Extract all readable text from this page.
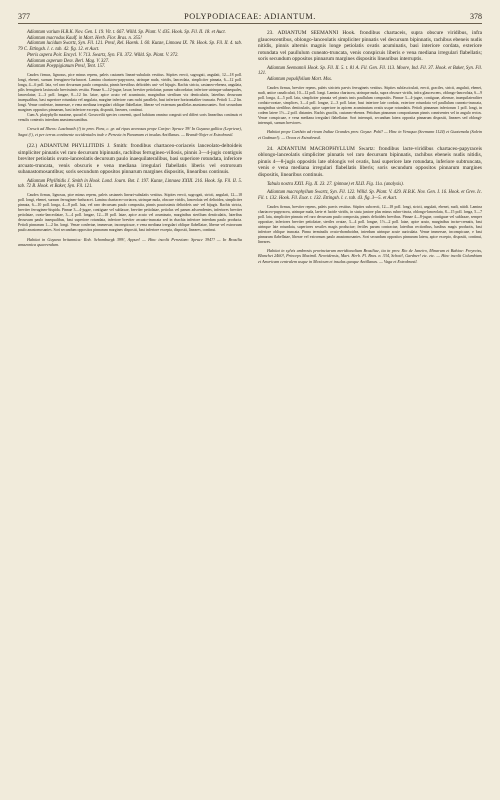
377	POLYPODIACEAE: ADIANTUM.	378

Adiantum varium H.B.K. Nov. Gen. I. 19. Vit. t. 667. Willd. Sp. Plant. V. 435. Hook. Sp. Fil. II. 18. et Auct.

Adiantum macrodus Kaulf. in Mart. Herb. Flor. Bras. n. 355!

Adiantum lucidum Swartz, Syn. Fil. 121. Presl, Rel. Haenk. I. 60. Kunze, Linnaea IX. 78. Hook. Sp. Fil. II. 4. tab. 79 C. Ettingsh. l. c. tab. 42. fig. 12. et Auct.

Pteris aspera Poir. Encycl. V. 713. Swartz, Syn. Fil. 372. Willd. Sp. Plant. V. 372.

Adiantum asperum Desv. Berl. Mag. V. 327.

Adiantum Poeppigianum Presl, Tent. 157.

Caudex firmus, lignosus, pice minus repens, paleis castaneis lineari-subulatis vestitus. Stipites erecti, sugrogati, angulati, 12—18 poll. longi, ebenei, sursum ferrugineo-furfuracei. Lamina chartaceo-papyracea, utrinque nuda, viridis, lanceolata, simpliciter pinnata, 6—12 poll. longa, 4—6 poll. lata, vel raro decursum paulo composita, pinnis breviibus deltoideis uni- vel bijugis. Rachis stricta, castaneo-ebenea, angulata, pilis ferrugineis laxiusculo brevissimis vestita. Pinnae 6—12-jugae, laxae, breviter petiolatae, parum subcordatae, inferiore utrinque subaequales, lanceolatae, 2—3 poll. longae, 8—12 lin. latae, apice acuto vel acuminato, marginibus sterilium vix denticulatis, lateribus decursum inaequalibus, basi superiore rotundata vel angulata, margine inferiore cum rachi parallelo, basi inferiore horizontaliter truncata. Petioli 1—2 lin. longi. Venae confertae, immersae, e vena mediana irregulari oblique flabellatae, liberae vel externum parallelas anastomosantes. Sori secundum margines oppositos pinnarum, basi inferiore excepta, dispositi, lineares, continui.

Cum A. platyphyllo maxime, quoad el. Gossweilii species convenit, quod habitum omnino congruit sed differt soris linearibus continuis et venulis contextis interdum anastomosantibus.

Crescit ad Ilheos: Luschnath (!) in prov. Para, c. gr. ad ripas arenosas prope Caripe: Spruce 39! In Guyana gallica (Leprieur), Sagot (!), et per terras continente occidentales inde e Peruvia in Panamam et insulas Antillanas. — Brandt-Najer et Estrabrasil.

(22.) ADIANTUM PHYLLITIDIS J. Smith: frondibus chartaceo-coriaceis lanceolato-deltoideis simpliciter pinnatis vel raro decursum bipinnatis, rachibus ferrugineo-villosis, pinnis 3—4-jugis contiguis breviter petiolatis ovato-lanceolatis decursum paulo inaequilateralibus, basi superiore rotundata, inferiore arcuato-truncata, venis obscuris e vena mediana irregulari flabellatis liberis vel extrorsum subanastomosantibus; soris secundum oppositos pinnarum margines dispositis, linearibus continuis.

Adiantum Phyllitidis J. Smith in Hook. Lond. Journ. Bot. I. 197. Kunze, Linnaea XXIII. 216. Hook. Sp. Fil. II. 5. tab. 72 B. Hook. et Baker, Syn. Fil. 121.

Caudex firmus, lignosus, pice minus repens, paleis castaneis lineari-subulatis vestitus. Stipites erecti, sugrogati, stricti, angulati, 12—18 poll. longi, ebenei, sursum ferrugineo-furfuracei. Lamina chartaceo-coriacea, utrinque nuda, obscure viridis, lanceolata vel deltoidea, simpliciter pinnata, 6—10 poll. longa, 4—8 poll. lata, vel raro decursum paulo composita, pinnis paucissimis deltoideis uni- vel bijugis. Rachis stricta, breviter ferrugineo-hispida. Pinnae 3—4-jugae, contiguae vel sublaxae, breviter petiolatae, petiolus vel parum adscendentes, inferiores breviter petiolatae, ovato-lanceolatae, 3—4 poll. longae, 12—18 poll. latae, apice acuto vel acuminato, marginibus sterilium denticulatis, lateribus decursum paulo inaequalibus, basi superiore rotundata, inferiore breviter arcuato-truncata sed in rhachia inferiore interdum paulo producta. Petioli pinnarum 1—2 lin. longi. Venae confertae, immersae, inconspicuae, e vena mediana irregulari oblique flabellatae, liberae vel extrorsum paulo anastomosantes. Sori secundum oppositos pinnarum margines dispositi, basi inferiore excepta, dispositi, lineares, continui.

Habitat in Guyana britannica: Rob. Schomburgk 399!, Appun! — Hinc incolit Peruviam: Spruce 3947! — In Brasilia amazonica quaerendum.

23. ADIANTUM SEEMANNI Hook. frondibus chartaceis, supra obscure viridibus, infra glaucescentibus, oblongo-lanceolatis simpliciter pinnatis vel decursum bipinnatis, rachibus ebeneis nudis nitidis, pinnis alternis magnis longe petiolatis ovatis acuminatis, basi interiore cordata, exteriore rotundata vel paullulum cuneato-truncata, venis conspicuis liberis e vena mediana irregulari flabellatis; soris secundum oppositos pinnarum margines dispositis linearibus interruptis.

Adiantum Seemannii Hook. Sp. Fil. II. 5. t. 81 A. Fil. Gen. Fil. 113. Moore, Ind. Fil. 37. Hook. et Baker, Syn. Fil. 121.

Adiantum populifolium Mart. Mss.

Caudex firmus, breviter repens, paleis stricteis parvis ferrugineis vestitus. Stipites subfasciculati, erecti, graciles, stricti, angulati, ebenei, nudi, antice canaliculati, 10—12 poll. longi. Lamina chartacea, utrinque nuda, supra obscure viridis, infra glaucescens, oblongo-lanceolata, 6—9 poll. longa, 4—5 poll. lata, simpliciter pinnata vel pinnis imis paullulum compositis. Pinnae 3—4-jugae, contiguae, alternae, inaequilateraliter cordato-ovatae, simplices, 3—4 poll. longae, 2—3 poll. latae, basi interiore late cordata, exteriore rotundata vel paullulum cuneato-truncata, marginibus sterilibus denticulatis, apice superiore in apicem acuminatum ovatis usque rotundatis. Petioli pinnarum inferiorum 1 poll. longi, in codem latere 1½—2 poll. distantes. Rachis gracilis, castaneo-ebenea. Petiolum pinnarum compositarum pinnis conniventes vel in angulo rectos. Venae conspicuae, e vena mediana irregulari flabellatae. Sori interrupti, secundum latera opposita pinnarum dispositi, lineares sed oblongi-interrupti, sursum breviores.

Habitat prope Cartháo ad rivum Indiae Grandes prov. Goyaz: Pohl! — Hinc in Veraqua (Seemann 1124) et Guatemala (Salvin et Godman!). — Oreas et Estrabrasil.

24. ADIANTUM MACROPHYLLUM Swartz: frondibus lacte-viridibus chartaceo-papyraceis oblongo-lanceolatis simpliciter pinnatis vel raro decursum bipinnatis, rachibus ebeneis nudis nitidis, pinnis 4—8-jugis oppositis late oblongis vel ovatis, basi superiore late rotundata, inferiore subtruncata, venis e vena mediana irregulari flabellatis liberis; soris secundum oppositos pinnarum margines dispositis, linearibus continuis.

Tabula nostra XXII. Fig. II. 23. 27. (pinnae) et XLII. Fig. 11a. (analysis).

Adiantum macrophyllum Swartz, Syn. Fil. 122. Willd. Sp. Plant. V. 429. H.B.K. Nov. Gen. I. 16. Hook. et Grev. Ic. Fil. t. 132. Hook. Fil. Exot. t. 132. Ettingsh. l. c. tab. 43. fig. 3—5. et Auct.

Caudex firmus, breviter repens, paleis parvis vestitus. Stipites subcrecti, 12—18 poll. longi, stricti, angulati, ebenei, nudi, nitidi. Lamina chartaceo-papyracea, utrinque nuda, laete et lucide viridis, in statu juniore plus minus rubro-tincta, oblongo-lanceolata, 8—15 poll. longa, 5—7 poll. lata, simpliciter pinnata vel raro decursum paulo composita, pinnis deltoideis brevibus. Pinnae 4—8-jugae, contiguae vel sublaxae, semper oppositae, inferiores breviter petiolatae, steriles ovatae, 3—4 poll. longae, 1½—2 poll. latae, apice acuto, marginibus incise-crenatis, basi utrinque late rotundata, superiores sessiles magis productae; fertiles parum contractae, lateribus rectioribus, basibus magis productis, basi inferiore oblique truncata. Pinna terminalis ovato-rhomboidea, interdum utrinque acute auriculata. Venae immersae, inconspicuae, e basi pinnarum flabellatae, liberae vel extrorsum paulo anastomosantes. Sori secundum oppositos pinnarum latera, apice excepto, dispositi, continui, lineares.

Habitat in sylvis umbrosis provinciarum meridionalium Brasiliae, ita in prov. Rio de Janeiro, Minarum et Bahiae: Freyreiss, Blanchet 2460!, Princeps Maximil. Neovidensis, Mart. Herb. Fl. Bras. n. 334, Schott!, Gardner! etc. etc. — Hinc incolit Columbiam et Americam centralem usque in Mexicum et insulas quoque Antillanas. — Vaga et Extrabrasil.
